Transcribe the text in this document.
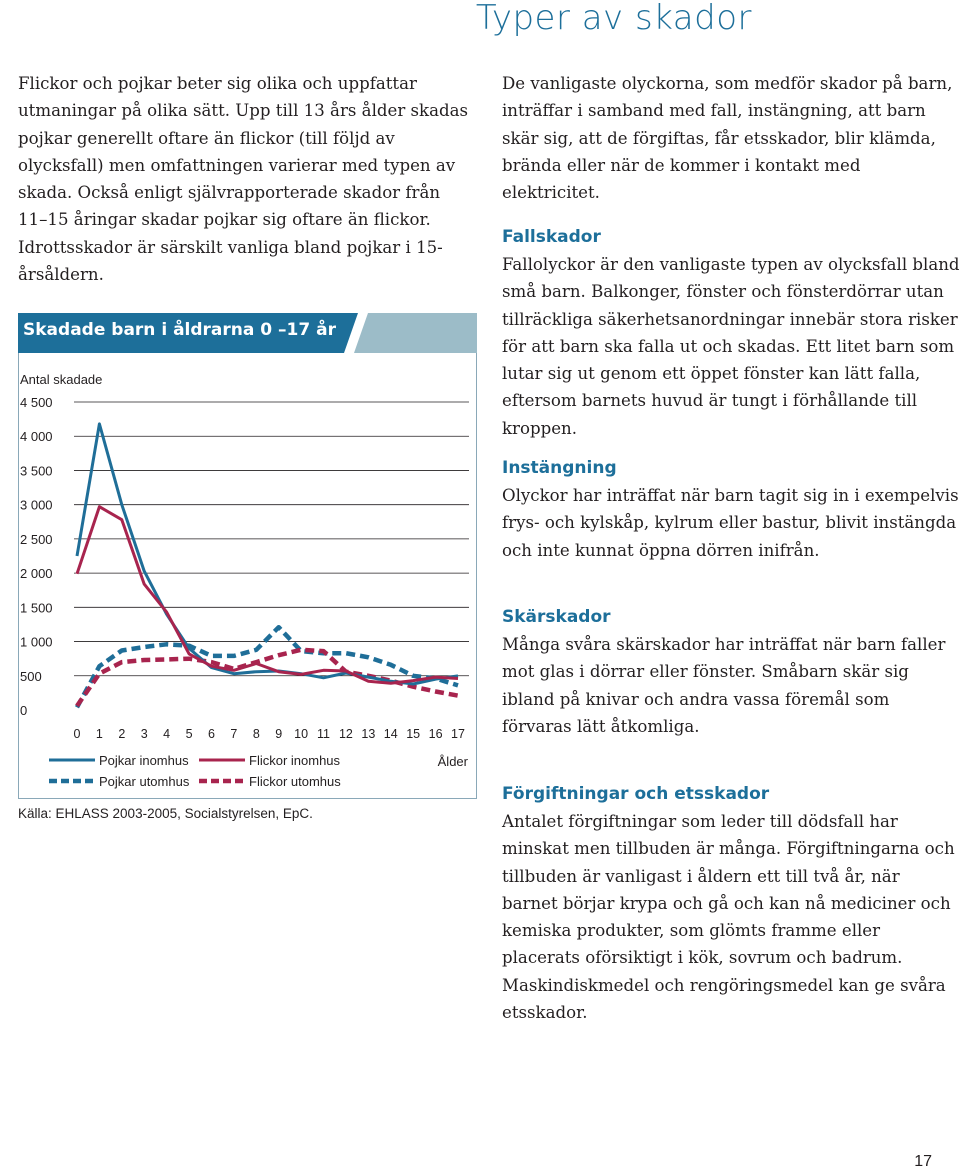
Typer av skador

Flickor och pojkar beter sig olika och uppfattar utmaningar på olika sätt. Upp till 13 års ålder skadas pojkar generellt oftare än flickor (till följd av olycksfall) men omfattningen varierar med typen av skada. Också enligt självrapporterade skador från 11–15 åringar skadar pojkar sig oftare än flickor. Idrottsskador är särskilt vanliga bland pojkar i 15-årsåldern.

De vanligaste olyckorna, som medför skador på barn, inträffar i samband med fall, instängning, att barn skär sig, att de förgiftas, får etsskador, blir klämda, brända eller när de kommer i kontakt med elektricitet.

Fallskador

Fallolyckor är den vanligaste typen av olycksfall bland små barn. Balkonger, fönster och fönsterdörrar utan tillräckliga säkerhetsanordningar innebär stora risker för att barn ska falla ut och skadas. Ett litet barn som lutar sig ut genom ett öppet fönster kan lätt falla, eftersom barnets huvud är tungt i förhållande till kroppen.

Instängning

Olyckor har inträffat när barn tagit sig in i exempelvis frys- och kylskåp, kylrum eller bastur, blivit instängda och inte kunnat öppna dörren inifrån.

Skärskador

Många svåra skärskador har inträffat när barn faller mot glas i dörrar eller fönster. Småbarn skär sig ibland på knivar och andra vassa föremål som förvaras lätt åtkomliga.

Förgiftningar och etsskador

Antalet förgiftningar som leder till dödsfall har minskat men tillbuden är många. Förgiftningarna och tillbuden är vanligast i åldern ett till två år, när barnet börjar krypa och gå och kan nå mediciner och kemiska produkter, som glömts framme eller placerats oförsiktigt i kök, sovrum och badrum. Maskindiskmedel och rengöringsmedel kan ge svåra etsskador.

Skadade barn i åldrarna 0 –17 år
Antal skadade
0
500
1 000
1 500
2 000
2 500
3 000
3 500
4 000
4 500
0 1 2 3 4 5 6 7 8 9 10 11 12 13 14 15 16 17
Pojkar inomhus	Flickor inomhus
Pojkar utomhus	Flickor utomhus
Ålder
Källa: EHLASS 2003-2005, Socialstyrelsen, EpC.
17
